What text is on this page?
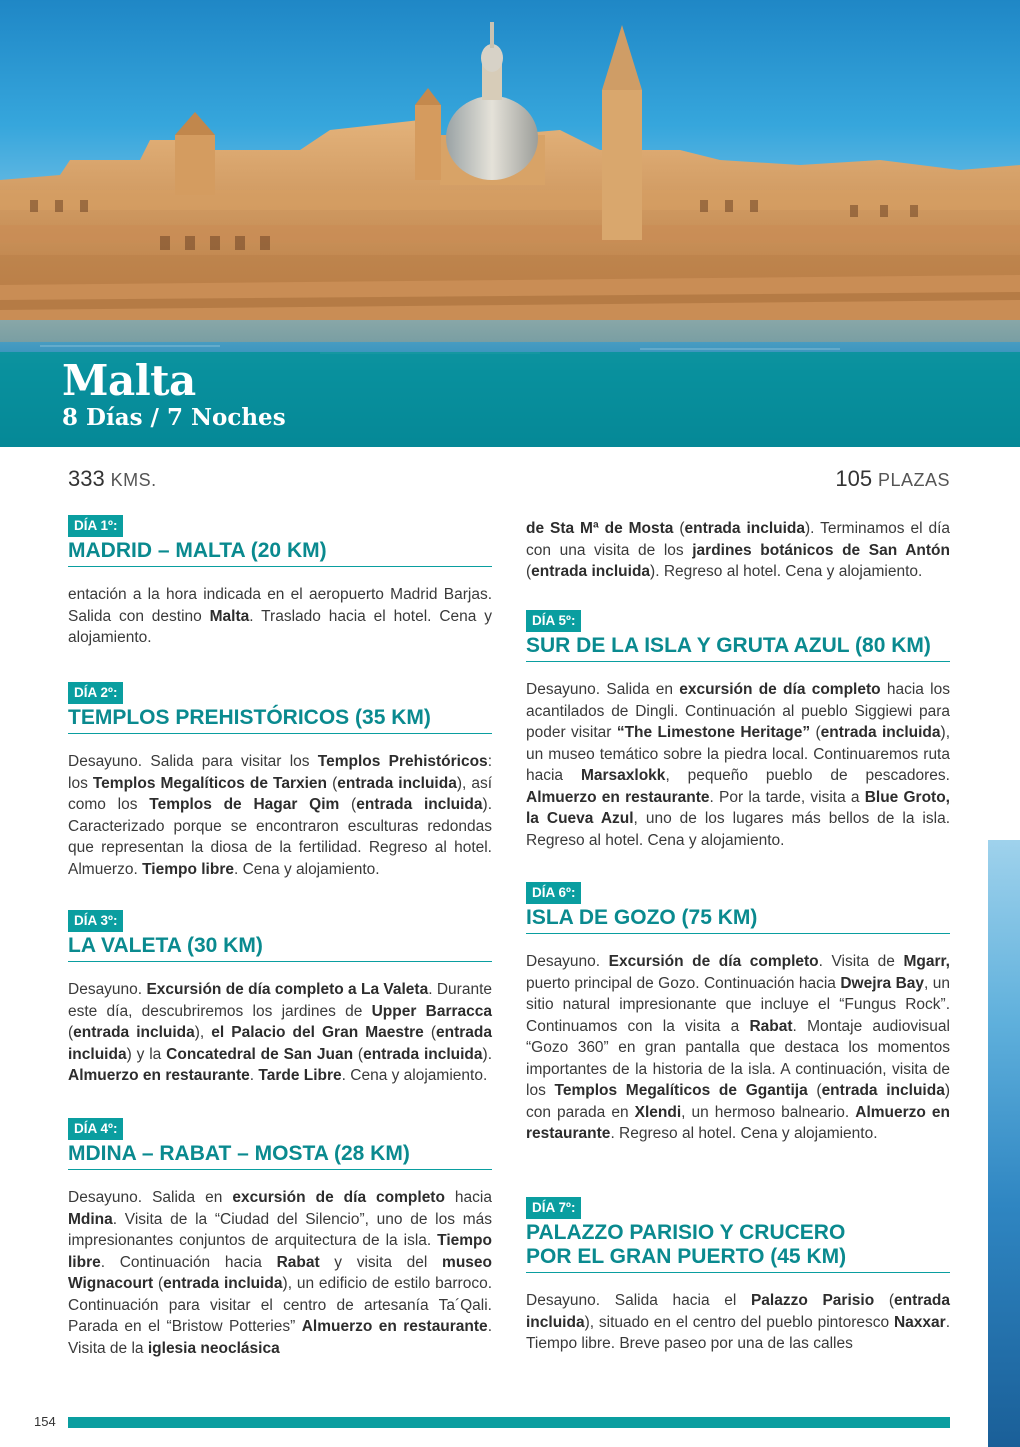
Malta
8 Días / 7 Noches
333 KMS.	105 PLAZAS
DÍA 1º:
MADRID – MALTA (20 KM)

entación a la hora indicada en el aeropuerto Madrid Barjas. Salida con destino Malta. Traslado hacia el hotel. Cena y alojamiento.

DÍA 2º:
TEMPLOS PREHISTÓRICOS (35 KM)

Desayuno. Salida para visitar los Templos Prehistóricos: los Templos Megalíticos de Tarxien (entrada incluida), así como los Templos de Hagar Qim (entrada incluida). Caracterizado porque se encontraron esculturas redondas que representan la diosa de la fertilidad. Regreso al hotel. Almuerzo. Tiempo libre. Cena y alojamiento.

DÍA 3º:
LA VALETA (30 KM)

Desayuno. Excursión de día completo a La Valeta. Durante este día, descubriremos los jardines de Upper Barracca (entrada incluida), el Palacio del Gran Maestre (entrada incluida) y la Concatedral de San Juan (entrada incluida). Almuerzo en restaurante. Tarde Libre. Cena y alojamiento.

DÍA 4º:
MDINA – RABAT – MOSTA (28 KM)

Desayuno. Salida en excursión de día completo hacia Mdina. Visita de la “Ciudad del Silencio”, uno de los más impresionantes conjuntos de arquitectura de la isla. Tiempo libre. Continuación hacia Rabat y visita del museo Wignacourt (entrada incluida), un edificio de estilo barroco. Continuación para visitar el centro de artesanía Ta´Qali. Parada en el “Bristow Potteries” Almuerzo en restaurante. Visita de la iglesia neoclásica

de Sta Mª de Mosta (entrada incluida). Terminamos el día con una visita de los jardines botánicos de San Antón (entrada incluida). Regreso al hotel. Cena y alojamiento.

DÍA 5º:
SUR DE LA ISLA Y GRUTA AZUL (80 KM)

Desayuno. Salida en excursión de día completo hacia los acantilados de Dingli. Continuación al pueblo Siggiewi para poder visitar “The Limestone Heritage” (entrada incluida), un museo temático sobre la piedra local. Continuaremos ruta hacia Marsaxlokk, pequeño pueblo de pescadores. Almuerzo en restaurante. Por la tarde, visita a Blue Groto, la Cueva Azul, uno de los lugares más bellos de la isla. Regreso al hotel. Cena y alojamiento.

DÍA 6º:
ISLA DE GOZO (75 KM)

Desayuno. Excursión de día completo. Visita de Mgarr, puerto principal de Gozo. Continuación hacia Dwejra Bay, un sitio natural impresionante que incluye el “Fungus Rock”. Continuamos con la visita a Rabat. Montaje audiovisual “Gozo 360” en gran pantalla que destaca los momentos importantes de la historia de la isla. A continuación, visita de los Templos Megalíticos de Ggantija (entrada incluida) con parada en Xlendi, un hermoso balneario. Almuerzo en restaurante. Regreso al hotel. Cena y alojamiento.

DÍA 7º:
PALAZZO PARISIO Y CRUCERO POR EL GRAN PUERTO (45 KM)

Desayuno. Salida hacia el Palazzo Parisio (entrada incluida), situado en el centro del pueblo pintoresco Naxxar. Tiempo libre. Breve paseo por una de las calles

154
